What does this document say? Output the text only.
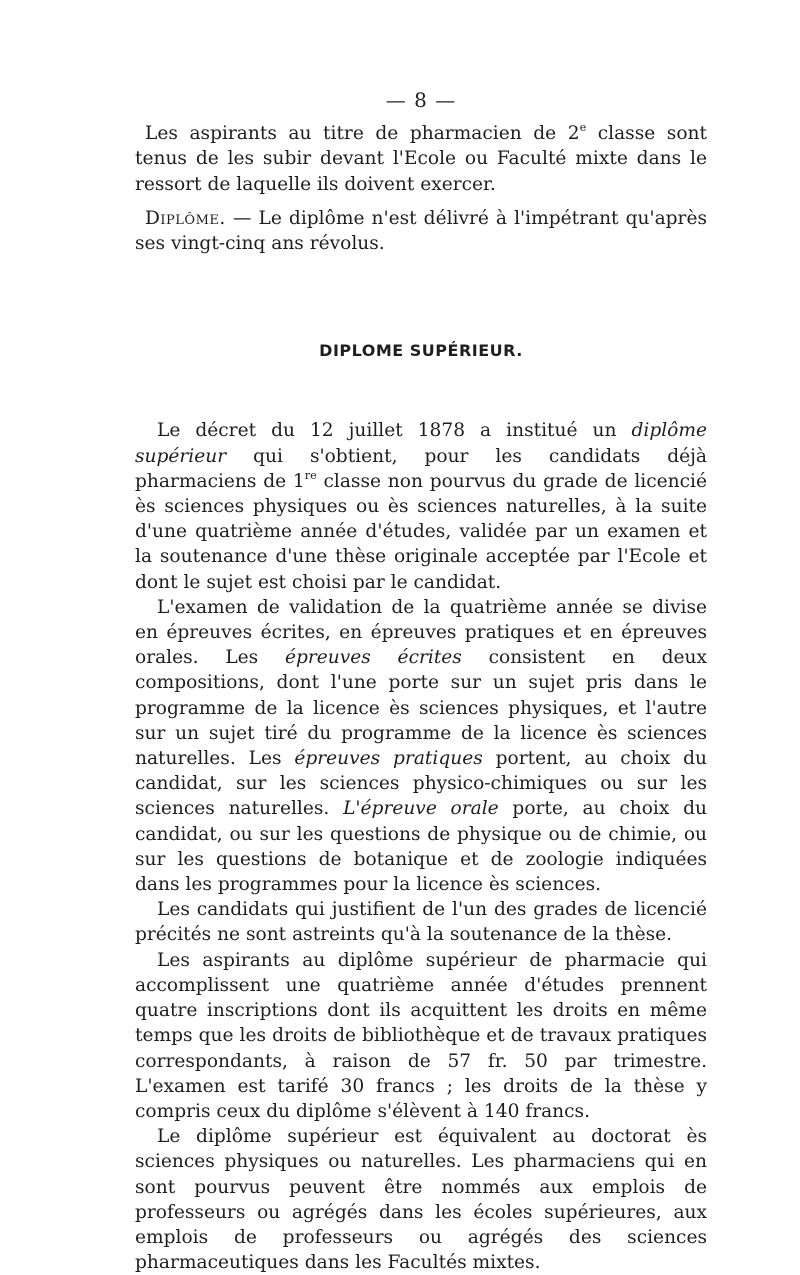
— 8 —

Les aspirants au titre de pharmacien de 2e classe sont tenus de les subir devant l'Ecole ou Faculté mixte dans le ressort de laquelle ils doivent exercer.

Diplôme. — Le diplôme n'est délivré à l'impétrant qu'après ses vingt-cinq ans révolus.

DIPLOME SUPÉRIEUR.

Le décret du 12 juillet 1878 a institué un diplôme supérieur qui s'obtient, pour les candidats déjà pharmaciens de 1re classe non pourvus du grade de licencié ès sciences physiques ou ès sciences naturelles, à la suite d'une quatrième année d'études, validée par un examen et la soutenance d'une thèse originale acceptée par l'Ecole et dont le sujet est choisi par le candidat.

L'examen de validation de la quatrième année se divise en épreuves écrites, en épreuves pratiques et en épreuves orales. Les épreuves écrites consistent en deux compositions, dont l'une porte sur un sujet pris dans le programme de la licence ès sciences physiques, et l'autre sur un sujet tiré du programme de la licence ès sciences naturelles. Les épreuves pratiques portent, au choix du candidat, sur les sciences physico-chimiques ou sur les sciences naturelles. L'épreuve orale porte, au choix du candidat, ou sur les questions de physique ou de chimie, ou sur les questions de botanique et de zoologie indiquées dans les programmes pour la licence ès sciences.

Les candidats qui justifient de l'un des grades de licencié précités ne sont astreints qu'à la soutenance de la thèse.

Les aspirants au diplôme supérieur de pharmacie qui accomplissent une quatrième année d'études prennent quatre inscriptions dont ils acquittent les droits en même temps que les droits de bibliothèque et de travaux pratiques correspondants, à raison de 57 fr. 50 par trimestre. L'examen est tarifé 30 francs ; les droits de la thèse y compris ceux du diplôme s'élèvent à 140 francs.

Le diplôme supérieur est équivalent au doctorat ès sciences physiques ou naturelles. Les pharmaciens qui en sont pourvus peuvent être nommés aux emplois de professeurs ou agrégés dans les écoles supérieures, aux emplois de professeurs ou agrégés des sciences pharmaceutiques dans les Facultés mixtes.
